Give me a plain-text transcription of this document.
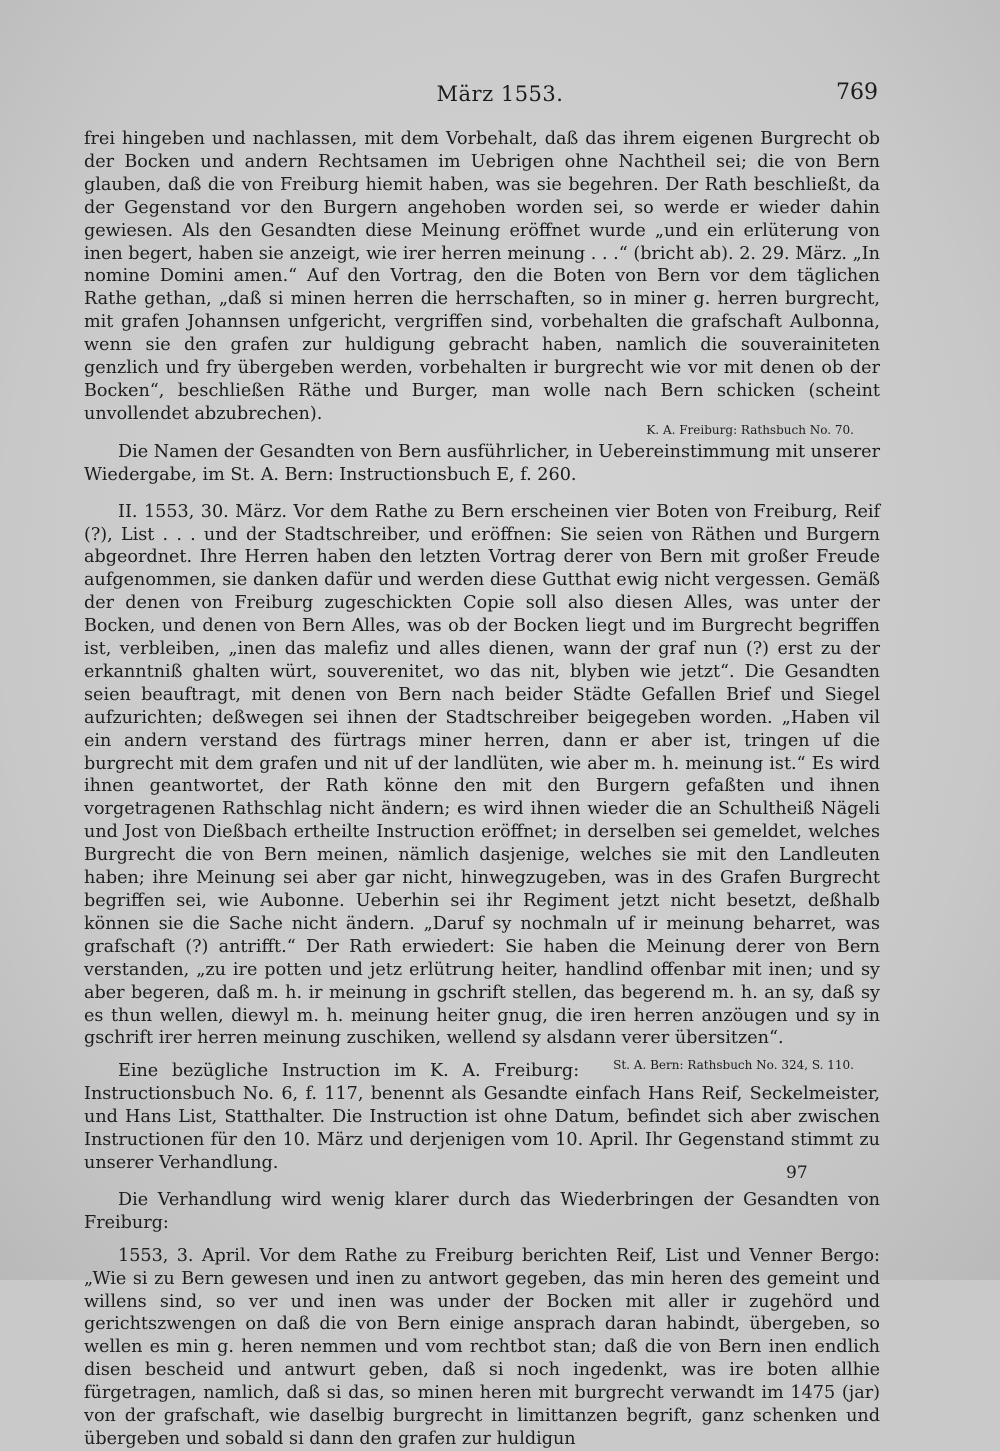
März 1553.	769

frei hingeben und nachlassen, mit dem Vorbehalt, daß das ihrem eigenen Burgrecht ob der Bocken und andern Rechtsamen im Uebrigen ohne Nachtheil sei; die von Bern glauben, daß die von Freiburg hiemit haben, was sie begehren. Der Rath beschließt, da der Gegenstand vor den Burgern angehoben worden sei, so werde er wieder dahin gewiesen. Als den Gesandten diese Meinung eröffnet wurde „und ein erlüterung von inen begert, haben sie anzeigt, wie irer herren meinung . . .“ (bricht ab). 2. 29. März. „In nomine Domini amen.“ Auf den Vortrag, den die Boten von Bern vor dem täglichen Rathe gethan, „daß si minen herren die herrschaften, so in miner g. herren burgrecht, mit grafen Johannsen unfgericht, vergriffen sind, vorbehalten die grafschaft Aulbonna, wenn sie den grafen zur huldigung gebracht haben, namlich die souverainiteten genzlich und fry übergeben werden, vorbehalten ir burgrecht wie vor mit denen ob der Bocken“, beschließen Räthe und Burger, man wolle nach Bern schicken (scheint unvollendet abzubrechen).

K. A. Freiburg: Rathsbuch No. 70.

Die Namen der Gesandten von Bern ausführlicher, in Uebereinstimmung mit unserer Wiedergabe, im St. A. Bern: Instructionsbuch E, f. 260.

II. 1553, 30. März. Vor dem Rathe zu Bern erscheinen vier Boten von Freiburg, Reif (?), List . . . und der Stadtschreiber, und eröffnen: Sie seien von Räthen und Burgern abgeordnet. Ihre Herren haben den letzten Vortrag derer von Bern mit großer Freude aufgenommen, sie danken dafür und werden diese Gutthat ewig nicht vergessen. Gemäß der denen von Freiburg zugeschickten Copie soll also diesen Alles, was unter der Bocken, und denen von Bern Alles, was ob der Bocken liegt und im Burgrecht begriffen ist, verbleiben, „inen das malefiz und alles dienen, wann der graf nun (?) erst zu der erkanntniß ghalten würt, souverenitet, wo das nit, blyben wie jetzt“. Die Gesandten seien beauftragt, mit denen von Bern nach beider Städte Gefallen Brief und Siegel aufzurichten; deßwegen sei ihnen der Stadtschreiber beigegeben worden. „Haben vil ein andern verstand des fürtrags miner herren, dann er aber ist, tringen uf die burgrecht mit dem grafen und nit uf der landlüten, wie aber m. h. meinung ist.“ Es wird ihnen geantwortet, der Rath könne den mit den Burgern gefaßten und ihnen vorgetragenen Rathschlag nicht ändern; es wird ihnen wieder die an Schultheiß Nägeli und Jost von Dießbach ertheilte Instruction eröffnet; in derselben sei gemeldet, welches Burgrecht die von Bern meinen, nämlich dasjenige, welches sie mit den Landleuten haben; ihre Meinung sei aber gar nicht, hinwegzugeben, was in des Grafen Burgrecht begriffen sei, wie Aubonne. Ueberhin sei ihr Regiment jetzt nicht besetzt, deßhalb können sie die Sache nicht ändern. „Daruf sy nochmaln uf ir meinung beharret, was grafschaft (?) antrifft.“ Der Rath erwiedert: Sie haben die Meinung derer von Bern verstanden, „zu ire potten und jetz erlütrung heiter, handlind offenbar mit inen; und sy aber begeren, daß m. h. ir meinung in gschrift stellen, das begerend m. h. an sy, daß sy es thun wellen, diewyl m. h. meinung heiter gnug, die iren herren anzöugen und sy in gschrift irer herren meinung zuschiken, wellend sy alsdann verer übersitzen“.
St. A. Bern: Rathsbuch No. 324, S. 110.

Eine bezügliche Instruction im K. A. Freiburg: Instructionsbuch No. 6, f. 117, benennt als Gesandte einfach Hans Reif, Seckelmeister, und Hans List, Statthalter. Die Instruction ist ohne Datum, befindet sich aber zwischen Instructionen für den 10. März und derjenigen vom 10. April. Ihr Gegenstand stimmt zu unserer Verhandlung.

Die Verhandlung wird wenig klarer durch das Wiederbringen der Gesandten von Freiburg:

1553, 3. April. Vor dem Rathe zu Freiburg berichten Reif, List und Venner Bergo: „Wie si zu Bern gewesen und inen zu antwort gegeben, das min heren des gemeint und willens sind, so ver und inen was under der Bocken mit aller ir zugehörd und gerichtszwengen on daß die von Bern einige ansprach daran habindt, übergeben, so wellen es min g. heren nemmen und vom rechtbot stan; daß die von Bern inen endlich disen bescheid und antwurt geben, daß si noch ingedenkt, was ire boten allhie fürgetragen, namlich, daß si das, so minen heren mit burgrecht verwandt im 1475 (jar) von der grafschaft, wie daselbig burgrecht in limittanzen begrift, ganz schenken und übergeben und sobald si dann den grafen zur huldigun

97
